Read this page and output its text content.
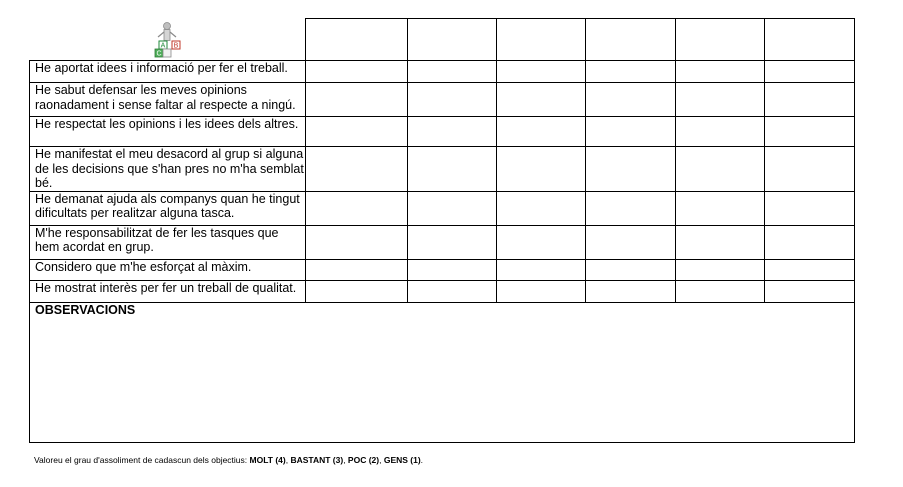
A
C
B						

He aportat idees i informació per fer el treball.						
He sabut defensar les meves opinions raonadament i sense faltar al respecte a ningú.						
He respectat les opinions i les idees dels altres.						
He manifestat el meu desacord al grup si alguna de les decisions que s'han pres no m'ha semblat bé.						
He demanat ajuda als companys quan he tingut dificultats per realitzar alguna tasca.						
M'he responsabilitzat de fer les tasques que hem acordat en grup.						
Considero que m'he esforçat al màxim.						
He mostrat interès per fer un treball de qualitat.						
OBSERVACIONS						
Valoreu el grau d'assoliment de cadascun dels objectius: MOLT (4), BASTANT (3), POC (2), GENS (1).
